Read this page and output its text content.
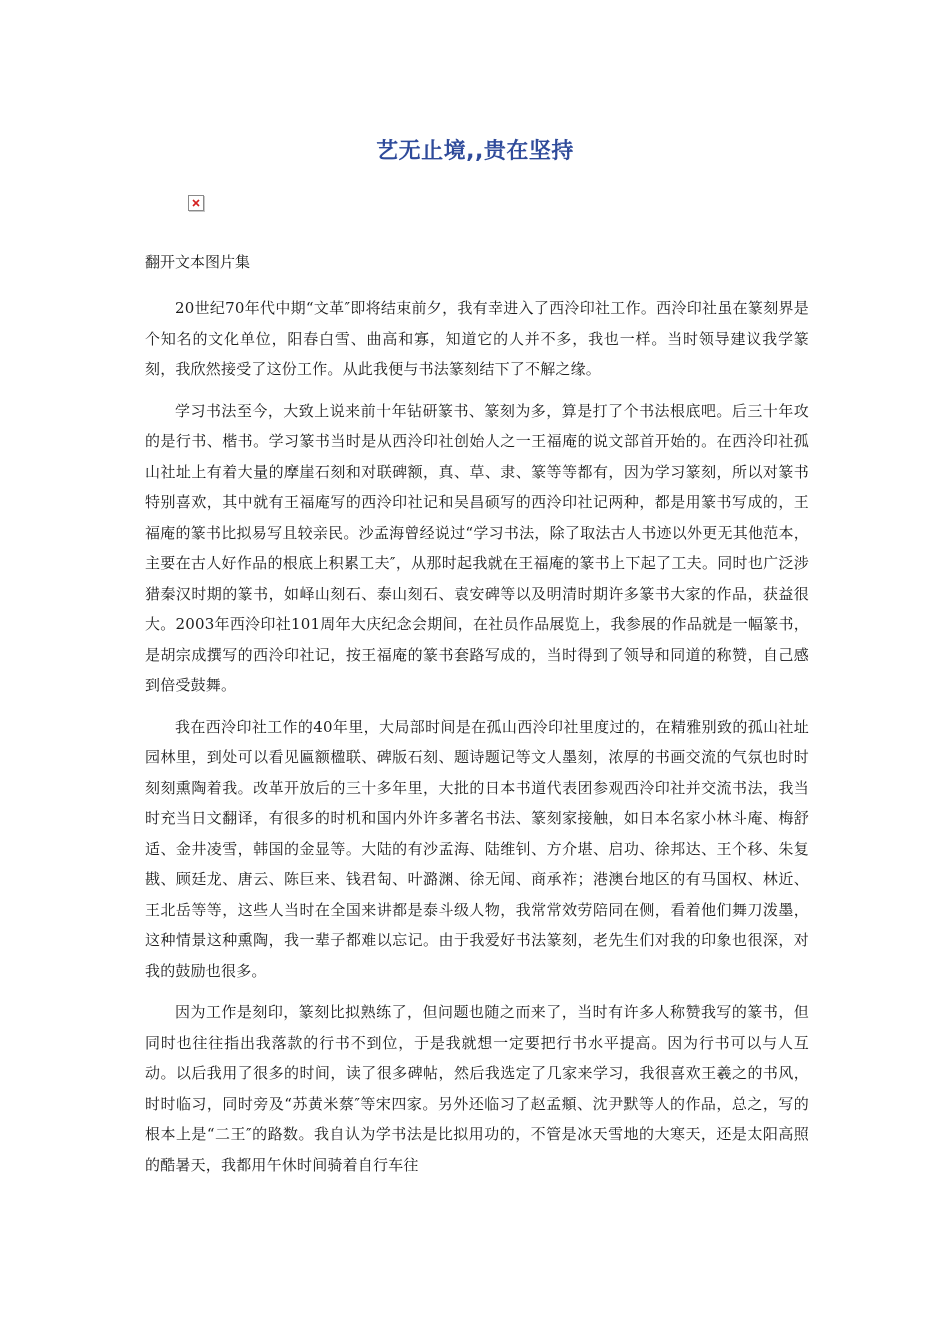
艺无止境,,贵在坚持
翻开文本图片集

20世纪70年代中期“文革″即将结束前夕，我有幸进入了西泠印社工作。西泠印社虽在篆刻界是个知名的文化单位，阳春白雪、曲高和寡，知道它的人并不多，我也一样。当时领导建议我学篆刻，我欣然接受了这份工作。从此我便与书法篆刻结下了不解之缘。

学习书法至今，大致上说来前十年钻研篆书、篆刻为多，算是打了个书法根底吧。后三十年攻的是行书、楷书。学习篆书当时是从西泠印社创始人之一王福庵的说文部首开始的。在西泠印社孤山社址上有着大量的摩崖石刻和对联碑额，真、草、隶、篆等等都有，因为学习篆刻，所以对篆书特别喜欢，其中就有王福庵写的西泠印社记和吴昌硕写的西泠印社记两种，都是用篆书写成的，王福庵的篆书比拟易写且较亲民。沙孟海曾经说过“学习书法，除了取法古人书迹以外更无其他范本，主要在古人好作品的根底上积累工夫″，从那时起我就在王福庵的篆书上下起了工夫。同时也广泛涉猎秦汉时期的篆书，如峄山刻石、泰山刻石、袁安碑等以及明清时期许多篆书大家的作品，获益很大。2003年西泠印社101周年大庆纪念会期间，在社员作品展览上，我参展的作品就是一幅篆书，是胡宗成撰写的西泠印社记，按王福庵的篆书套路写成的，当时得到了领导和同道的称赞，自己感到倍受鼓舞。

我在西泠印社工作的40年里，大局部时间是在孤山西泠印社里度过的，在精雅别致的孤山社址园林里，到处可以看见匾额楹联、碑版石刻、题诗题记等文人墨刻，浓厚的书画交流的气氛也时时刻刻熏陶着我。改革开放后的三十多年里，大批的日本书道代表团参观西泠印社并交流书法，我当时充当日文翻译，有很多的时机和国内外许多著名书法、篆刻家接触，如日本名家小林斗庵、梅舒适、金井凌雪，韩国的金显等。大陆的有沙孟海、陆维钊、方介堪、启功、徐邦达、王个移、朱复戡、顾廷龙、唐云、陈巨来、钱君匋、叶潞渊、徐无闻、商承祚；港澳台地区的有马国权、林近、王北岳等等，这些人当时在全国来讲都是泰斗级人物，我常常效劳陪同在侧，看着他们舞刀泼墨，这种情景这种熏陶，我一辈子都难以忘记。由于我爱好书法篆刻，老先生们对我的印象也很深，对我的鼓励也很多。

因为工作是刻印，篆刻比拟熟练了，但问题也随之而来了，当时有许多人称赞我写的篆书，但同时也往往指出我落款的行书不到位，于是我就想一定要把行书水平提高。因为行书可以与人互动。以后我用了很多的时间，读了很多碑帖，然后我选定了几家来学习，我很喜欢王羲之的书风，时时临习，同时旁及“苏黄米蔡″等宋四家。另外还临习了赵孟頫、沈尹默等人的作品，总之，写的根本上是“二王″的路数。我自认为学书法是比拟用功的，不管是冰天雪地的大寒天，还是太阳高照的酷暑天，我都用午休时间骑着自行车往
